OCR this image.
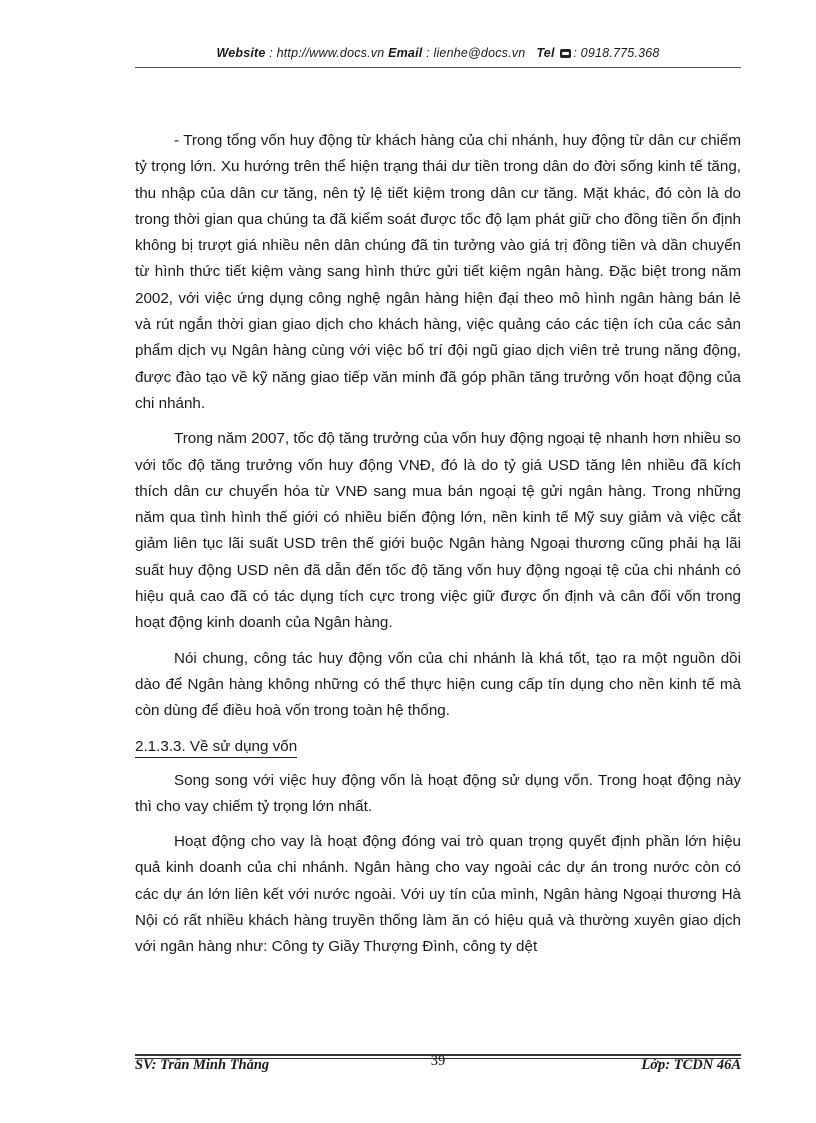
Website : http://www.docs.vn Email : lienhe@docs.vn Tel : 0918.775.368

- Trong tổng vốn huy động từ khách hàng của chi nhánh, huy động từ dân cư chiếm tỷ trọng lớn. Xu hướng trên thể hiện trạng thái dư tiền trong dân do đời sống kinh tế tăng, thu nhập của dân cư tăng, nên tỷ lệ tiết kiệm trong dân cư tăng. Mặt khác, đó còn là do trong thời gian qua chúng ta đã kiểm soát được tốc độ lạm phát giữ cho đồng tiền ổn định không bị trượt giá nhiều nên dân chúng đã tin tưởng vào giá trị đồng tiền và dần chuyển từ hình thức tiết kiệm vàng sang hình thức gửi tiết kiệm ngân hàng. Đặc biệt trong năm 2002, với việc ứng dụng công nghệ ngân hàng hiện đại theo mô hình ngân hàng bán lẻ và rút ngắn thời gian giao dịch cho khách hàng, việc quảng cáo các tiện ích của các sản phẩm dịch vụ Ngân hàng cùng với việc bố trí đội ngũ giao dịch viên trẻ trung năng động, được đào tạo về kỹ năng giao tiếp văn minh đã góp phần tăng trưởng vốn hoạt động của chi nhánh.

Trong năm 2007, tốc độ tăng trưởng của vốn huy động ngoại tệ nhanh hơn nhiều so với tốc độ tăng trưởng vốn huy động VNĐ, đó là do tỷ giá USD tăng lên nhiều đã kích thích dân cư chuyển hóa từ VNĐ sang mua bán ngoại tệ gửi ngân hàng. Trong những năm qua tình hình thế giới có nhiều biến động lớn, nền kinh tế Mỹ suy giảm và việc cắt giảm liên tục lãi suất USD trên thế giới buộc Ngân hàng Ngoại thương cũng phải hạ lãi suất huy động USD nên đã dẫn đến tốc độ tăng vốn huy động ngoại tệ của chi nhánh có hiệu quả cao đã có tác dụng tích cực trong việc giữ được ổn định và cân đối vốn trong hoạt động kinh doanh của Ngân hàng.

Nói chung, công tác huy động vốn của chi nhánh là khá tốt, tạo ra một nguồn dồi dào để Ngân hàng không những có thể thực hiện cung cấp tín dụng cho nền kinh tế mà còn dùng để điều hoà vốn trong toàn hệ thống.

2.1.3.3. Về sử dụng vốn

Song song với việc huy động vốn là hoạt động sử dụng vốn. Trong hoạt động này thì cho vay chiếm tỷ trọng lớn nhất.

Hoạt động cho vay là hoạt động đóng vai trò quan trọng quyết định phần lớn hiệu quả kinh doanh của chi nhánh. Ngân hàng cho vay ngoài các dự án trong nước còn có các dự án lớn liên kết với nước ngoài. Với uy tín của mình, Ngân hàng Ngoại thương Hà Nội có rất nhiều khách hàng truyền thống làm ăn có hiệu quả và thường xuyên giao dịch với ngân hàng như: Công ty Giầy Thượng Đình, công ty dệt

SV: Trần Minh Thắng	39	Lớp: TCDN 46A
